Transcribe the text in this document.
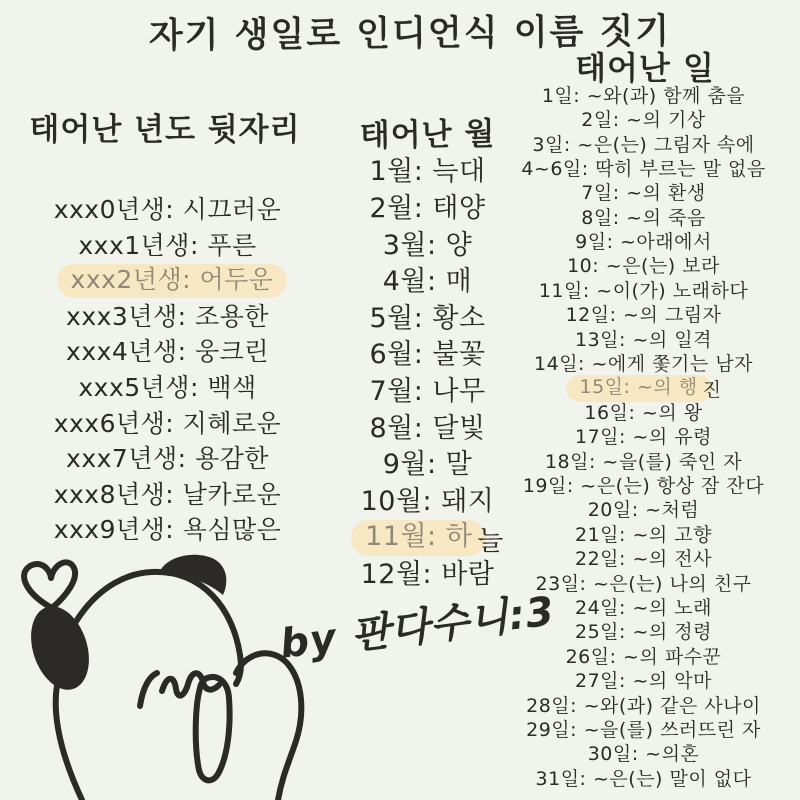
자기 생일로 인디언식 이름 짓기
태어난 년도 뒷자리	태어난 월
태어난 일
xxx0년생: 시끄러운
xxx1년생: 푸른
xxx2년생: 어두운
xxx3년생: 조용한
xxx4년생: 웅크린
xxx5년생: 백색
xxx6년생: 지혜로운
xxx7년생: 용감한
xxx8년생: 날카로운
xxx9년생: 욕심많은
1월: 늑대
2월: 태양
3월: 양
4월: 매
5월: 황소
6월: 불꽃
7월: 나무
8월: 달빛
9월: 말
10월: 돼지
11월: 하 늘
12월: 바람
1일: ~와(과) 함께 춤을
2일: ~의 기상
3일: ~은(는) 그림자 속에
4~6일: 딱히 부르는 말 없음
7일: ~의 환생
8일: ~의 죽음
9일: ~아래에서
10: ~은(는) 보라
11일: ~이(가) 노래하다
12일: ~의 그림자
13일: ~의 일격
14일: ~에게 쫓기는 남자
15일: ~의 행 진
16일: ~의 왕
17일: ~의 유령
18일: ~을(를) 죽인 자
19일: ~은(는) 항상 잠 잔다
20일: ~처럼
21일: ~의 고향
22일: ~의 전사
23일: ~은(는) 나의 친구
24일: ~의 노래
25일: ~의 정령
26일: ~의 파수꾼
27일: ~의 악마
28일: ~와(과) 같은 사나이
29일: ~을(를) 쓰러뜨린 자
30일: ~의혼
31일: ~은(는) 말이 없다
by 판다수니:3
